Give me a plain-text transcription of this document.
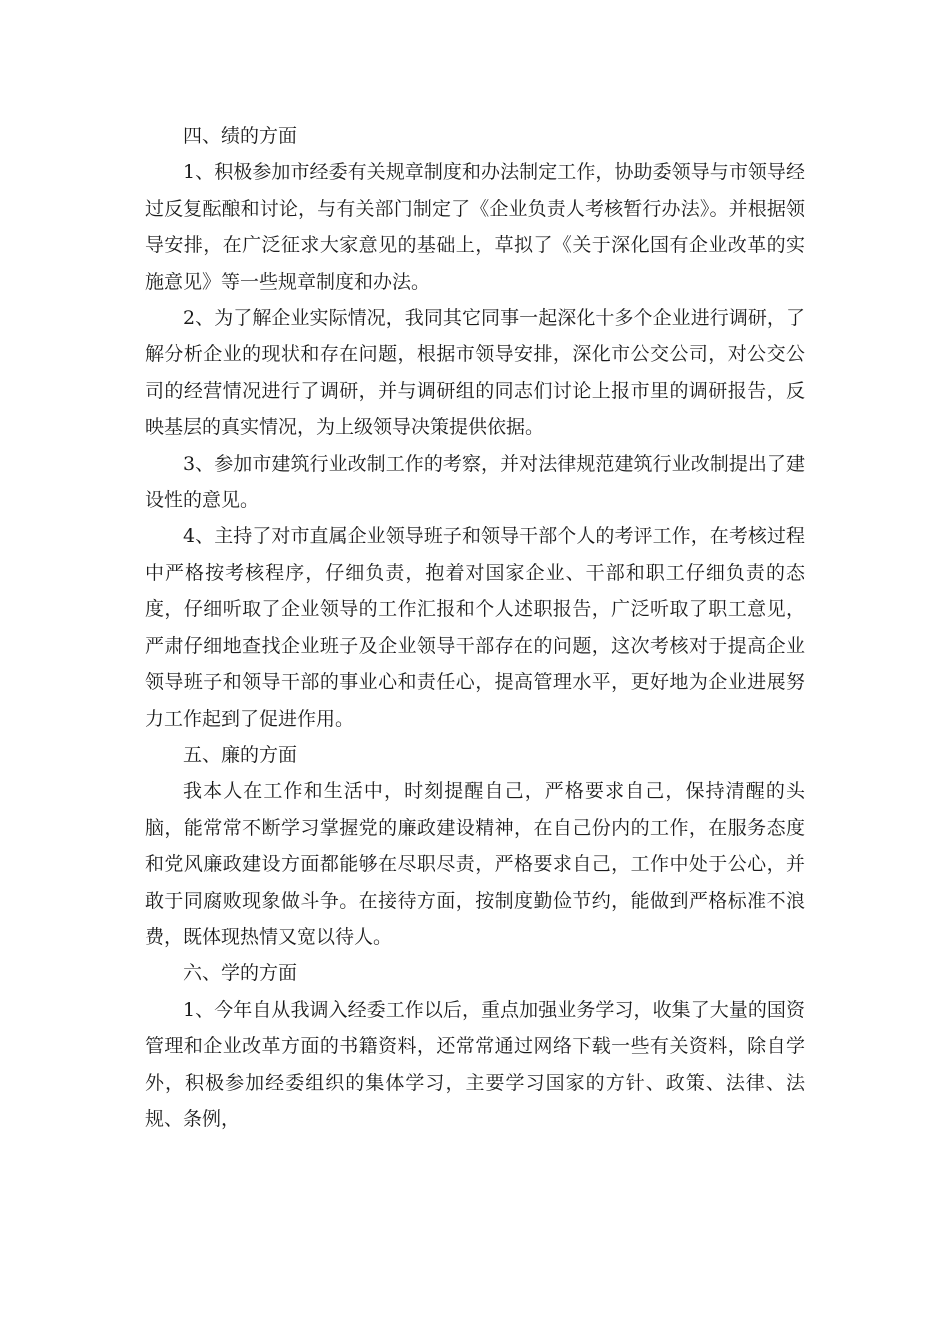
四、绩的方面

1、积极参加市经委有关规章制度和办法制定工作，协助委领导与市领导经过反复酝酿和讨论，与有关部门制定了《企业负责人考核暂行办法》。并根据领导安排，在广泛征求大家意见的基础上，草拟了《关于深化国有企业改革的实施意见》等一些规章制度和办法。

2、为了解企业实际情况，我同其它同事一起深化十多个企业进行调研，了解分析企业的现状和存在问题，根据市领导安排，深化市公交公司，对公交公司的经营情况进行了调研，并与调研组的同志们讨论上报市里的调研报告，反映基层的真实情况，为上级领导决策提供依据。

3、参加市建筑行业改制工作的考察，并对法律规范建筑行业改制提出了建设性的意见。

4、主持了对市直属企业领导班子和领导干部个人的考评工作，在考核过程中严格按考核程序，仔细负责，抱着对国家企业、干部和职工仔细负责的态度，仔细听取了企业领导的工作汇报和个人述职报告，广泛听取了职工意见，严肃仔细地查找企业班子及企业领导干部存在的问题，这次考核对于提高企业领导班子和领导干部的事业心和责任心，提高管理水平，更好地为企业进展努力工作起到了促进作用。

五、廉的方面

我本人在工作和生活中，时刻提醒自己，严格要求自己，保持清醒的头脑，能常常不断学习掌握党的廉政建设精神，在自己份内的工作，在服务态度和党风廉政建设方面都能够在尽职尽责，严格要求自己，工作中处于公心，并敢于同腐败现象做斗争。在接待方面，按制度勤俭节约，能做到严格标准不浪费，既体现热情又宽以待人。

六、学的方面

1、今年自从我调入经委工作以后，重点加强业务学习，收集了大量的国资管理和企业改革方面的书籍资料，还常常通过网络下载一些有关资料，除自学外，积极参加经委组织的集体学习，主要学习国家的方针、政策、法律、法规、条例，
